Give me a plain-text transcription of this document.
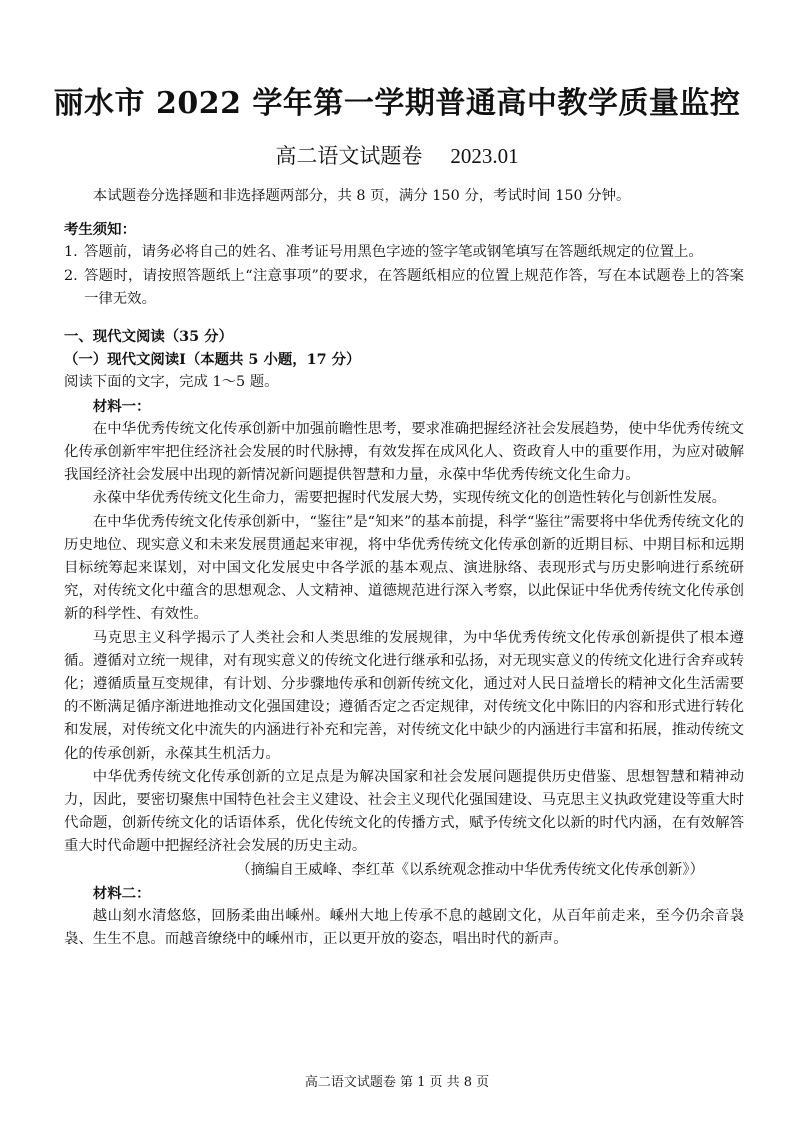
丽水市 2022 学年第一学期普通高中教学质量监控
高二语文试题卷 2023.01

本试题卷分选择题和非选择题两部分，共 8 页，满分 150 分，考试时间 150 分钟。

考生须知：

1. 答题前，请务必将自己的姓名、准考证号用黑色字迹的签字笔或钢笔填写在答题纸规定的位置上。
2. 答题时，请按照答题纸上“注意事项”的要求，在答题纸相应的位置上规范作答，写在本试题卷上的答案一律无效。

一、现代文阅读（35 分）

（一）现代文阅读Ⅰ（本题共 5 小题，17 分）

阅读下面的文字，完成 1～5 题。

材料一：

在中华优秀传统文化传承创新中加强前瞻性思考，要求准确把握经济社会发展趋势，使中华优秀传统文化传承创新牢牢把住经济社会发展的时代脉搏，有效发挥在成风化人、资政育人中的重要作用，为应对破解我国经济社会发展中出现的新情况新问题提供智慧和力量，永葆中华优秀传统文化生命力。

永葆中华优秀传统文化生命力，需要把握时代发展大势，实现传统文化的创造性转化与创新性发展。

在中华优秀传统文化传承创新中，“鉴往”是“知来”的基本前提，科学“鉴往”需要将中华优秀传统文化的历史地位、现实意义和未来发展贯通起来审视，将中华优秀传统文化传承创新的近期目标、中期目标和远期目标统筹起来谋划，对中国文化发展史中各学派的基本观点、演进脉络、表现形式与历史影响进行系统研究，对传统文化中蕴含的思想观念、人文精神、道德规范进行深入考察，以此保证中华优秀传统文化传承创新的科学性、有效性。

马克思主义科学揭示了人类社会和人类思维的发展规律，为中华优秀传统文化传承创新提供了根本遵循。遵循对立统一规律，对有现实意义的传统文化进行继承和弘扬，对无现实意义的传统文化进行舍弃或转化；遵循质量互变规律，有计划、分步骤地传承和创新传统文化，通过对人民日益增长的精神文化生活需要的不断满足循序渐进地推动文化强国建设；遵循否定之否定规律，对传统文化中陈旧的内容和形式进行转化和发展，对传统文化中流失的内涵进行补充和完善，对传统文化中缺少的内涵进行丰富和拓展，推动传统文化的传承创新，永葆其生机活力。

中华优秀传统文化传承创新的立足点是为解决国家和社会发展问题提供历史借鉴、思想智慧和精神动力，因此，要密切聚焦中国特色社会主义建设、社会主义现代化强国建设、马克思主义执政党建设等重大时代命题，创新传统文化的话语体系，优化传统文化的传播方式，赋予传统文化以新的时代内涵，在有效解答重大时代命题中把握经济社会发展的历史主动。

（摘编自王威峰、李红革《以系统观念推动中华优秀传统文化传承创新》）

材料二：

越山刻水清悠悠，回肠柔曲出嵊州。嵊州大地上传承不息的越剧文化，从百年前走来，至今仍余音袅袅、生生不息。而越音缭绕中的嵊州市，正以更开放的姿态，唱出时代的新声。

高二语文试题卷 第 1 页 共 8 页
